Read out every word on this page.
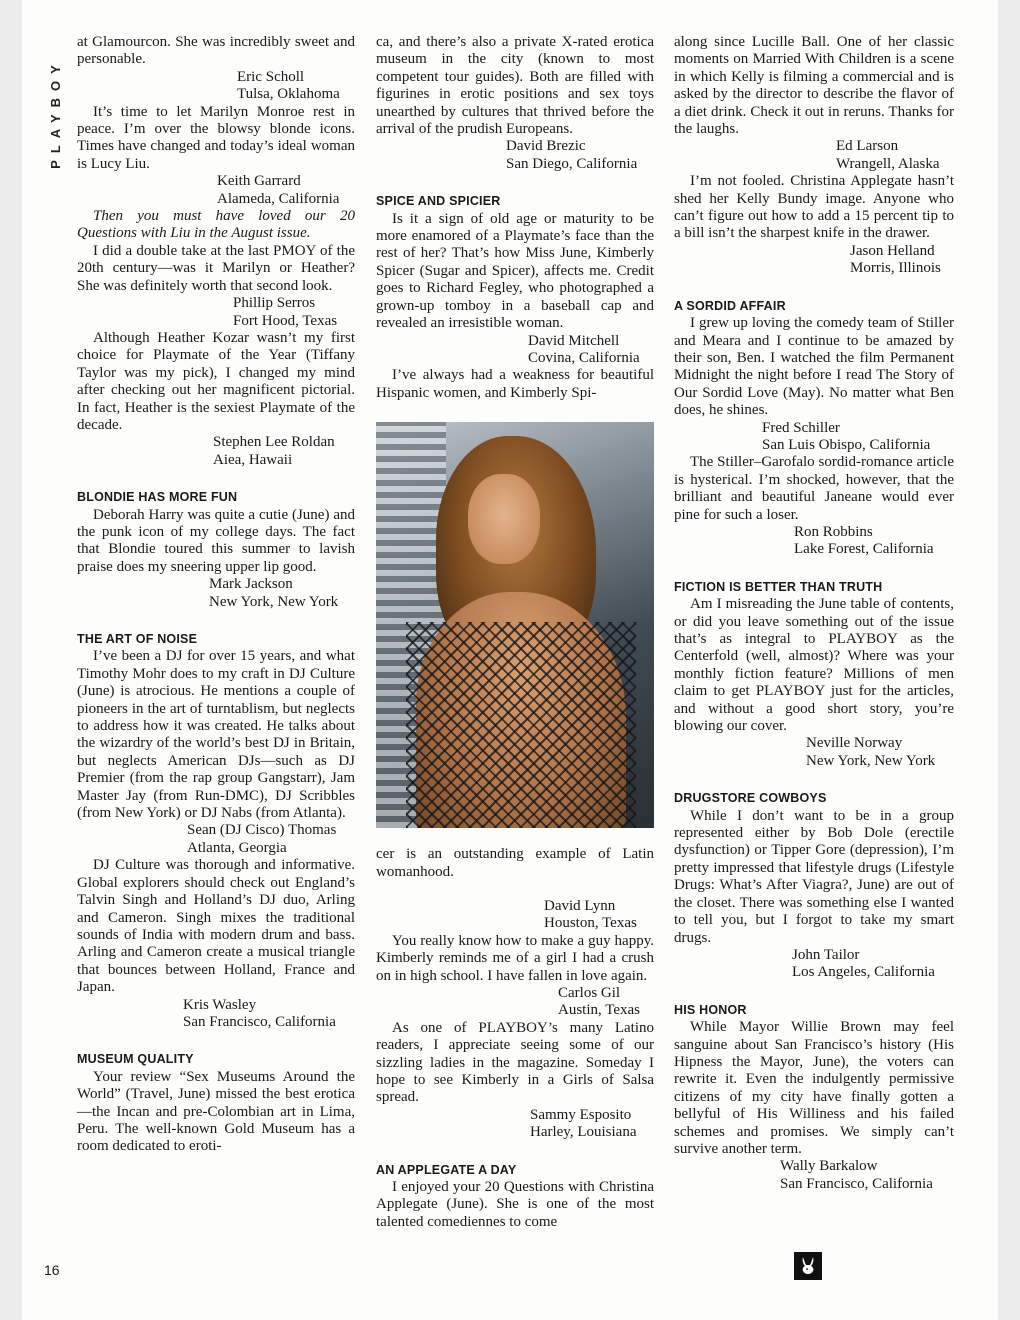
PLAYBOY

at Glamourcon. She was incredibly sweet and personable.

Eric Scholl
Tulsa, Oklahoma

It’s time to let Marilyn Monroe rest in peace. I’m over the blowsy blonde icons. Times have changed and today’s ideal woman is Lucy Liu.

Keith Garrard
Alameda, California

Then you must have loved our 20 Questions with Liu in the August issue.

I did a double take at the last PMOY of the 20th century—was it Marilyn or Heather? She was definitely worth that second look.

Phillip Serros
Fort Hood, Texas

Although Heather Kozar wasn’t my first choice for Playmate of the Year (Tiffany Taylor was my pick), I changed my mind after checking out her magnificent pictorial. In fact, Heather is the sexiest Playmate of the decade.

Stephen Lee Roldan
Aiea, Hawaii
BLONDIE HAS MORE FUN

Deborah Harry was quite a cutie (June) and the punk icon of my college days. The fact that Blondie toured this summer to lavish praise does my sneering upper lip good.

Mark Jackson
New York, New York
THE ART OF NOISE

I’ve been a DJ for over 15 years, and what Timothy Mohr does to my craft in DJ Culture (June) is atrocious. He mentions a couple of pioneers in the art of turntablism, but neglects to address how it was created. He talks about the wizardry of the world’s best DJ in Britain, but neglects American DJs—such as DJ Premier (from the rap group Gangstarr), Jam Master Jay (from Run-DMC), DJ Scribbles (from New York) or DJ Nabs (from Atlanta).

Sean (DJ Cisco) Thomas
Atlanta, Georgia

DJ Culture was thorough and informative. Global explorers should check out England’s Talvin Singh and Holland’s DJ duo, Arling and Cameron. Singh mixes the traditional sounds of India with modern drum and bass. Arling and Cameron create a musical triangle that bounces between Holland, France and Japan.

Kris Wasley
San Francisco, California
MUSEUM QUALITY

Your review “Sex Museums Around the World” (Travel, June) missed the best erotica—the Incan and pre-Colombian art in Lima, Peru. The well-known Gold Museum has a room dedicated to eroti-

ca, and there’s also a private X-rated erotica museum in the city (known to most competent tour guides). Both are filled with figurines in erotic positions and sex toys unearthed by cultures that thrived before the arrival of the prudish Europeans.

David Brezic
San Diego, California
SPICE AND SPICIER

Is it a sign of old age or maturity to be more enamored of a Playmate’s face than the rest of her? That’s how Miss June, Kimberly Spicer (Sugar and Spicer), affects me. Credit goes to Richard Fegley, who photographed a grown-up tomboy in a baseball cap and revealed an irresistible woman.

David Mitchell
Covina, California

I’ve always had a weakness for beautiful Hispanic women, and Kimberly Spi-

cer is an outstanding example of Latin womanhood.

David Lynn
Houston, Texas

You really know how to make a guy happy. Kimberly reminds me of a girl I had a crush on in high school. I have fallen in love again.

Carlos Gil
Austin, Texas

As one of PLAYBOY’s many Latino readers, I appreciate seeing some of our sizzling ladies in the magazine. Someday I hope to see Kimberly in a Girls of Salsa spread.

Sammy Esposito
Harley, Louisiana
AN APPLEGATE A DAY

I enjoyed your 20 Questions with Christina Applegate (June). She is one of the most talented comediennes to come

along since Lucille Ball. One of her classic moments on Married With Children is a scene in which Kelly is filming a commercial and is asked by the director to describe the flavor of a diet drink. Check it out in reruns. Thanks for the laughs.

Ed Larson
Wrangell, Alaska

I’m not fooled. Christina Applegate hasn’t shed her Kelly Bundy image. Anyone who can’t figure out how to add a 15 percent tip to a bill isn’t the sharpest knife in the drawer.

Jason Helland
Morris, Illinois
A SORDID AFFAIR

I grew up loving the comedy team of Stiller and Meara and I continue to be amazed by their son, Ben. I watched the film Permanent Midnight the night before I read The Story of Our Sordid Love (May). No matter what Ben does, he shines.

Fred Schiller
San Luis Obispo, California

The Stiller–Garofalo sordid-romance article is hysterical. I’m shocked, however, that the brilliant and beautiful Janeane would ever pine for such a loser.

Ron Robbins
Lake Forest, California
FICTION IS BETTER THAN TRUTH

Am I misreading the June table of contents, or did you leave something out of the issue that’s as integral to PLAYBOY as the Centerfold (well, almost)? Where was your monthly fiction feature? Millions of men claim to get PLAYBOY just for the articles, and without a good short story, you’re blowing our cover.

Neville Norway
New York, New York
DRUGSTORE COWBOYS

While I don’t want to be in a group represented either by Bob Dole (erectile dysfunction) or Tipper Gore (depression), I’m pretty impressed that lifestyle drugs (Lifestyle Drugs: What’s After Viagra?, June) are out of the closet. There was something else I wanted to tell you, but I forgot to take my smart drugs.

John Tailor
Los Angeles, California
HIS HONOR

While Mayor Willie Brown may feel sanguine about San Francisco’s history (His Hipness the Mayor, June), the voters can rewrite it. Even the indulgently permissive citizens of my city have finally gotten a bellyful of His Williness and his failed schemes and promises. We simply can’t survive another term.

Wally Barkalow
San Francisco, California
16
